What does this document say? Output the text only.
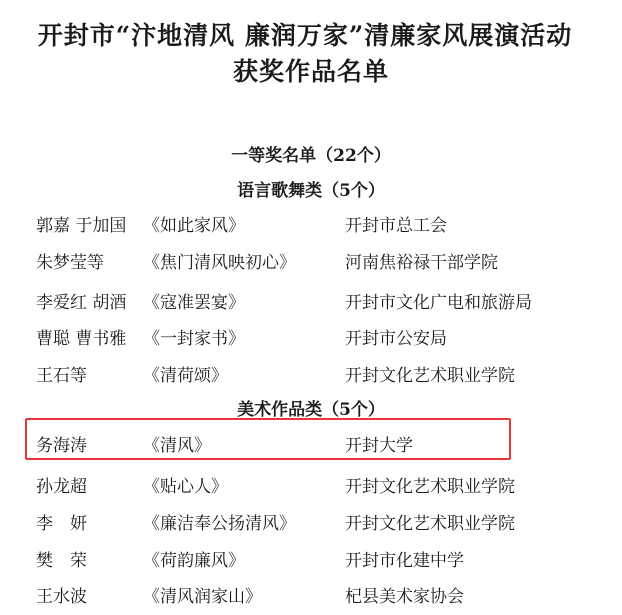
开封市“汴地清风 廉润万家”清廉家风展演活动
获奖作品名单
一等奖名单（22个）
语言歌舞类（5个）
郭嘉 于加国 《如此家风》	开封市总工会
朱梦莹等 《焦门清风映初心》	河南焦裕禄干部学院
李爱红 胡酒 《寇准罢宴》	开封市文化广电和旅游局
曹聪 曹书雅 《一封家书》	开封市公安局
王石等	《清荷颂》	开封文化艺术职业学院
美术作品类（5个）
务海涛	《清风》	开封大学
孙龙超	《贴心人》	开封文化艺术职业学院
李　妍	《廉洁奉公扬清风》	开封文化艺术职业学院
樊　荣	《荷韵廉风》	开封市化建中学
王水波	《清风润家山》	杞县美术家协会
